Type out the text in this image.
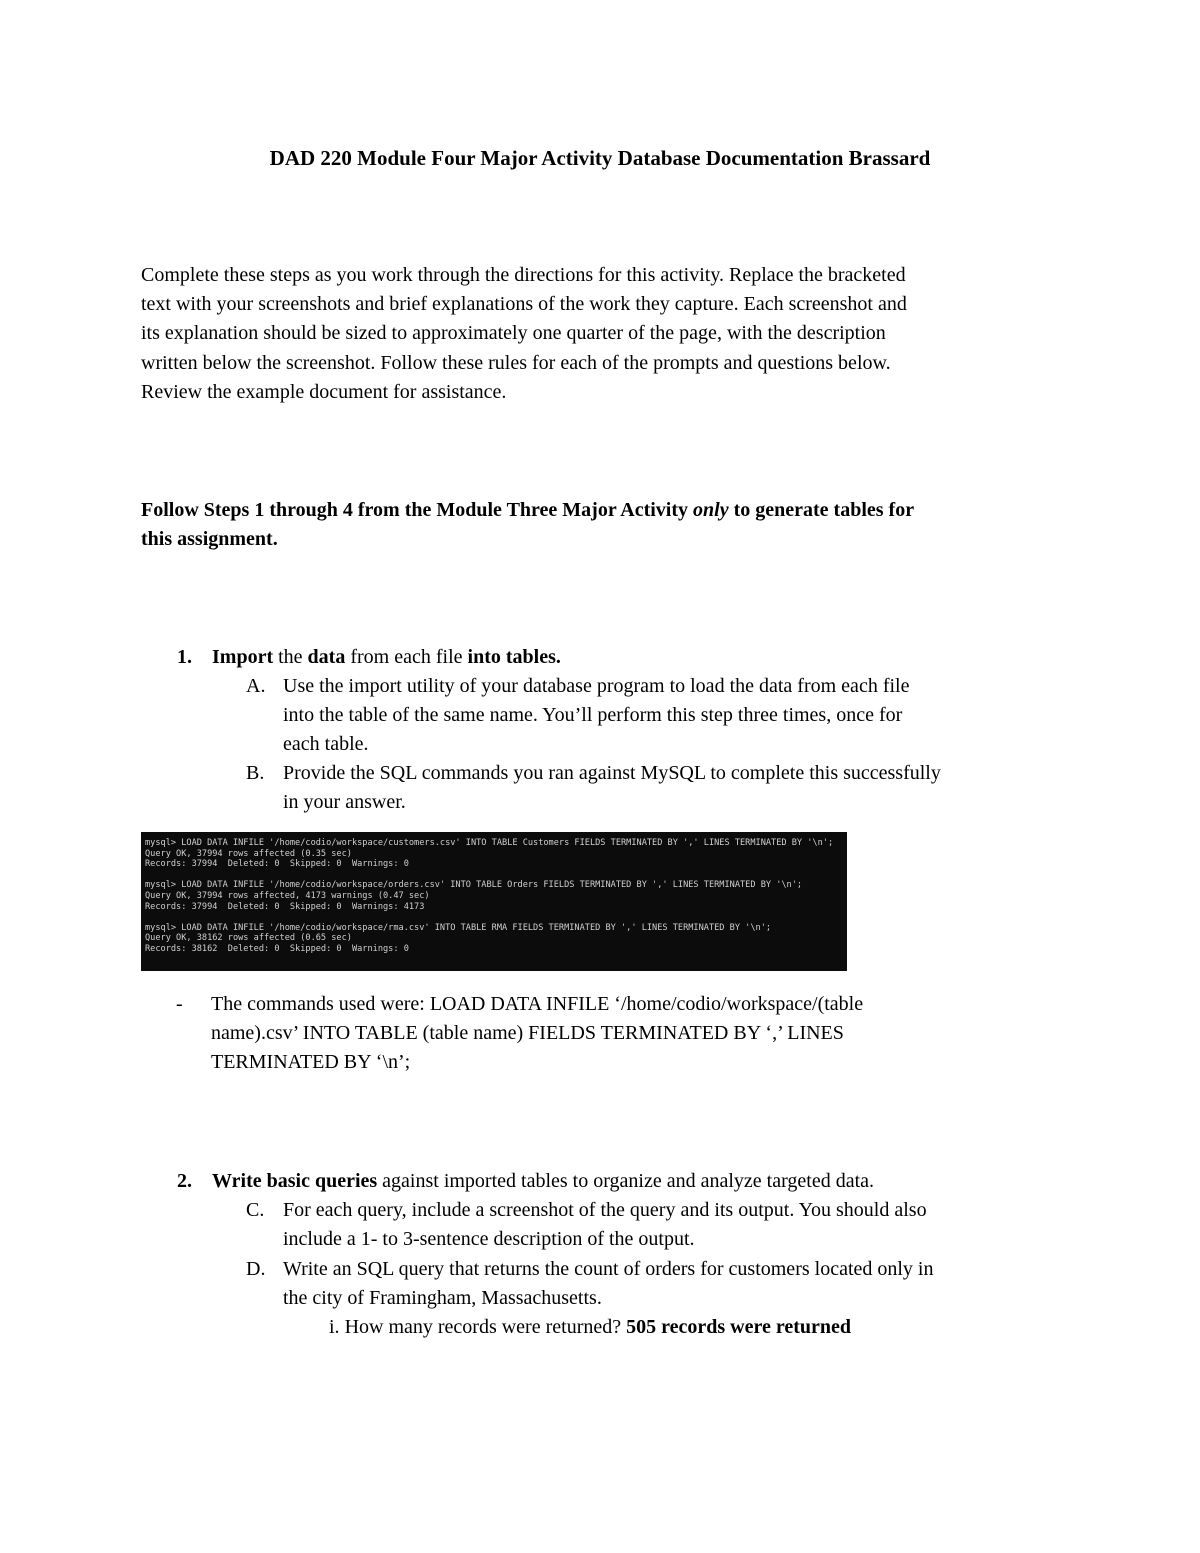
DAD 220 Module Four Major Activity Database Documentation Brassard
Complete these steps as you work through the directions for this activity. Replace the bracketed
text with your screenshots and brief explanations of the work they capture. Each screenshot and
its explanation should be sized to approximately one quarter of the page, with the description
written below the screenshot. Follow these rules for each of the prompts and questions below.
Review the example document for assistance.
Follow Steps 1 through 4 from the Module Three Major Activity only to generate tables for
this assignment.
1. Import the data from each file into tables.
A. Use the import utility of your database program to load the data from each file
into the table of the same name. You’ll perform this step three times, once for
each table.
B. Provide the SQL commands you ran against MySQL to complete this successfully
in your answer.
mysql> LOAD DATA INFILE '/home/codio/workspace/customers.csv' INTO TABLE Customers FIELDS TERMINATED BY ',' LINES TERMINATED BY '\n';
Query OK, 37994 rows affected (0.35 sec)
Records: 37994  Deleted: 0  Skipped: 0  Warnings: 0
mysql> LOAD DATA INFILE '/home/codio/workspace/orders.csv' INTO TABLE Orders FIELDS TERMINATED BY ',' LINES TERMINATED BY '\n';
Query OK, 37994 rows affected, 4173 warnings (0.47 sec)
Records: 37994  Deleted: 0  Skipped: 0  Warnings: 4173
mysql> LOAD DATA INFILE '/home/codio/workspace/rma.csv' INTO TABLE RMA FIELDS TERMINATED BY ',' LINES TERMINATED BY '\n';
Query OK, 38162 rows affected (0.65 sec)
Records: 38162  Deleted: 0  Skipped: 0  Warnings: 0
- The commands used were: LOAD DATA INFILE ‘/home/codio/workspace/(table
name).csv’ INTO TABLE (table name) FIELDS TERMINATED BY ‘,’ LINES
TERMINATED BY ‘\n’;
2. Write basic queries against imported tables to organize and analyze targeted data.
C. For each query, include a screenshot of the query and its output. You should also
include a 1- to 3-sentence description of the output.
D. Write an SQL query that returns the count of orders for customers located only in
the city of Framingham, Massachusetts.
i. How many records were returned? 505 records were returned
